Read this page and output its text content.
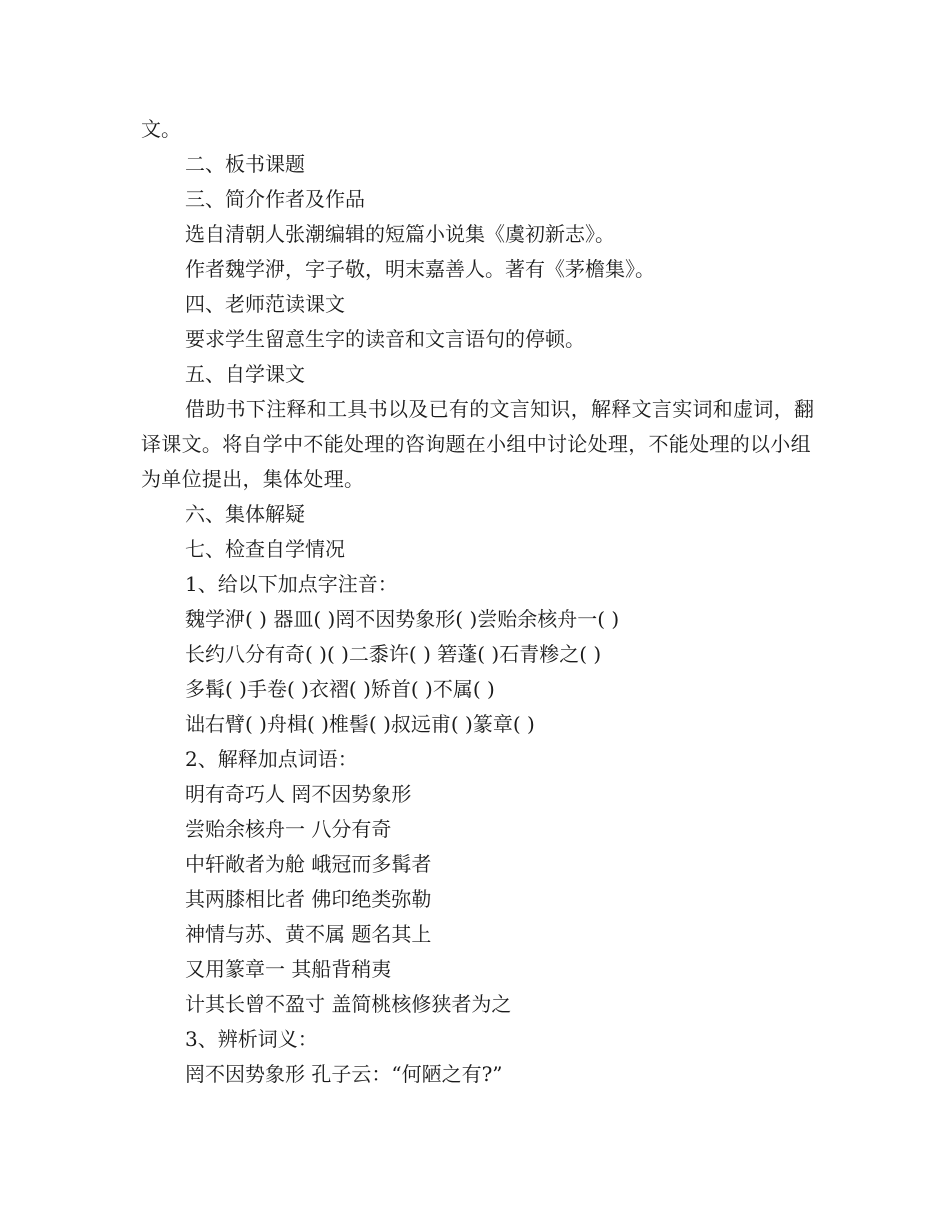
文。

二、板书课题

三、简介作者及作品

选自清朝人张潮编辑的短篇小说集《虞初新志》。

作者魏学洢，字子敬，明末嘉善人。著有《茅檐集》。

四、老师范读课文

要求学生留意生字的读音和文言语句的停顿。

五、自学课文

借助书下注释和工具书以及已有的文言知识，解释文言实词和虚词，翻译课文。将自学中不能处理的咨询题在小组中讨论处理，不能处理的以小组为单位提出，集体处理。

六、集体解疑

七、检查自学情况

1、给以下加点字注音：

魏学洢( ) 器皿( )罔不因势象形( )尝贻余核舟一( )

长约八分有奇( )( )二黍许( ) 箬蓬( )石青糁之( )

多髯( )手卷( )衣褶( )矫首( )不属( )

诎右臂( )舟楫( )椎髻( )叔远甫( )篆章( )

2、解释加点词语：

明有奇巧人 罔不因势象形

尝贻余核舟一 八分有奇

中轩敞者为舱 峨冠而多髯者

其两膝相比者 佛印绝类弥勒

神情与苏、黄不属 题名其上

又用篆章一 其船背稍夷

计其长曾不盈寸 盖简桃核修狭者为之

3、辨析词义：

罔不因势象形 孔子云：“何陋之有?”
